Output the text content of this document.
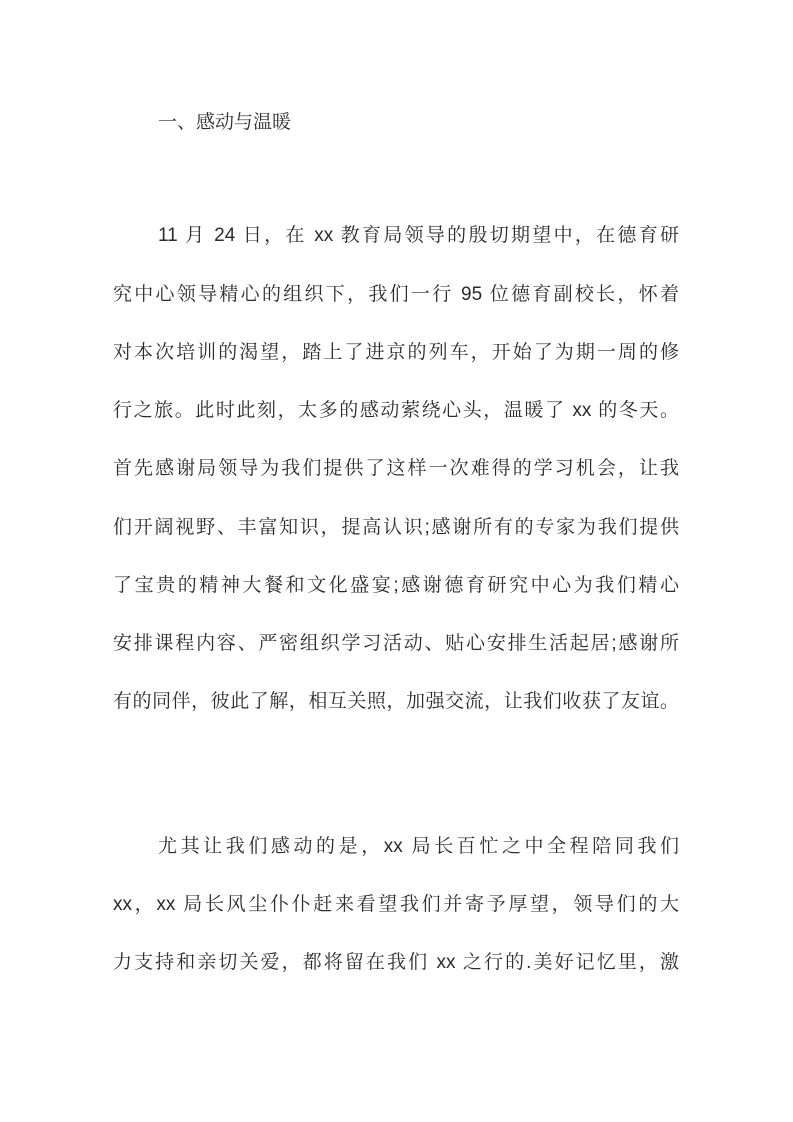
一、感动与温暖
11 月 24 日，在 xx 教育局领导的殷切期望中，在德育研
究中心领导精心的组织下，我们一行 95 位德育副校长，怀着
对本次培训的渴望，踏上了进京的列车，开始了为期一周的修
行之旅。此时此刻，太多的感动萦绕心头，温暖了 xx 的冬天。
首先感谢局领导为我们提供了这样一次难得的学习机会，让我
们开阔视野、丰富知识，提高认识;感谢所有的专家为我们提供
了宝贵的精神大餐和文化盛宴;感谢德育研究中心为我们精心
安排课程内容、严密组织学习活动、贴心安排生活起居;感谢所
有的同伴，彼此了解，相互关照，加强交流，让我们收获了友谊。
尤其让我们感动的是，xx 局长百忙之中全程陪同我们
xx，xx 局长风尘仆仆赶来看望我们并寄予厚望，领导们的大
力支持和亲切关爱，都将留在我们 xx 之行的.美好记忆里，激
